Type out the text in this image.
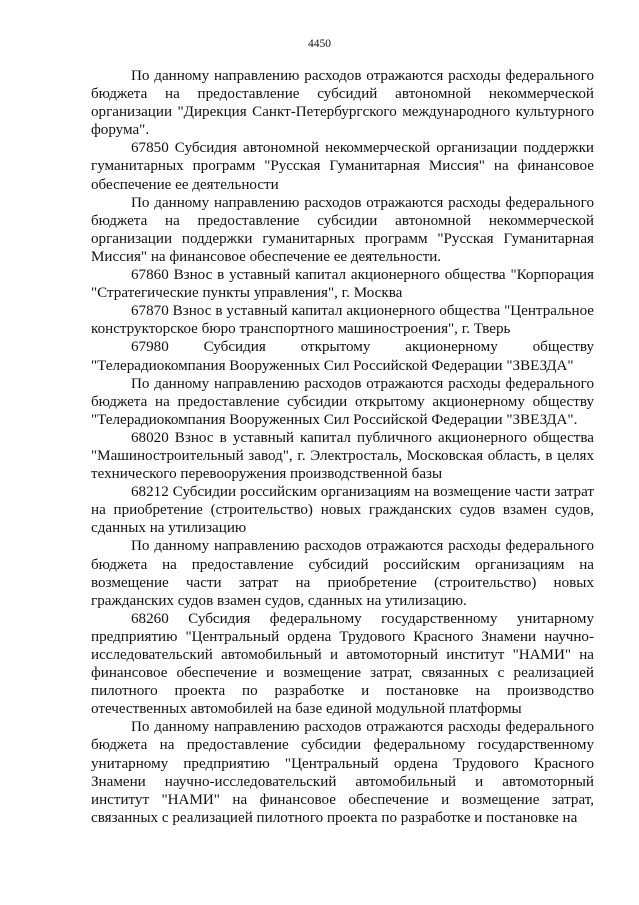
4450

По данному направлению расходов отражаются расходы федерального бюджета на предоставление субсидий автономной некоммерческой организации "Дирекция Санкт-Петербургского международного культурного форума".

67850 Субсидия автономной некоммерческой организации поддержки гуманитарных программ "Русская Гуманитарная Миссия" на финансовое обеспечение ее деятельности

По данному направлению расходов отражаются расходы федерального бюджета на предоставление субсидии автономной некоммерческой организации поддержки гуманитарных программ "Русская Гуманитарная Миссия" на финансовое обеспечение ее деятельности.

67860 Взнос в уставный капитал акционерного общества "Корпорация "Стратегические пункты управления", г. Москва

67870 Взнос в уставный капитал акционерного общества "Центральное конструкторское бюро транспортного машиностроения", г. Тверь

67980 Субсидия открытому акционерному обществу "Телерадиокомпания Вооруженных Сил Российской Федерации "ЗВЕЗДА"

По данному направлению расходов отражаются расходы федерального бюджета на предоставление субсидии открытому акционерному обществу "Телерадиокомпания Вооруженных Сил Российской Федерации "ЗВЕЗДА".

68020 Взнос в уставный капитал публичного акционерного общества "Машиностроительный завод", г. Электросталь, Московская область, в целях технического перевооружения производственной базы

68212 Субсидии российским организациям на возмещение части затрат на приобретение (строительство) новых гражданских судов взамен судов, сданных на утилизацию

По данному направлению расходов отражаются расходы федерального бюджета на предоставление субсидий российским организациям на возмещение части затрат на приобретение (строительство) новых гражданских судов взамен судов, сданных на утилизацию.

68260 Субсидия федеральному государственному унитарному предприятию "Центральный ордена Трудового Красного Знамени научно-исследовательский автомобильный и автомоторный институт "НАМИ" на финансовое обеспечение и возмещение затрат, связанных с реализацией пилотного проекта по разработке и постановке на производство отечественных автомобилей на базе единой модульной платформы

По данному направлению расходов отражаются расходы федерального бюджета на предоставление субсидии федеральному государственному унитарному предприятию "Центральный ордена Трудового Красного Знамени научно-исследовательский автомобильный и автомоторный институт "НАМИ" на финансовое обеспечение и возмещение затрат, связанных с реализацией пилотного проекта по разработке и постановке на
